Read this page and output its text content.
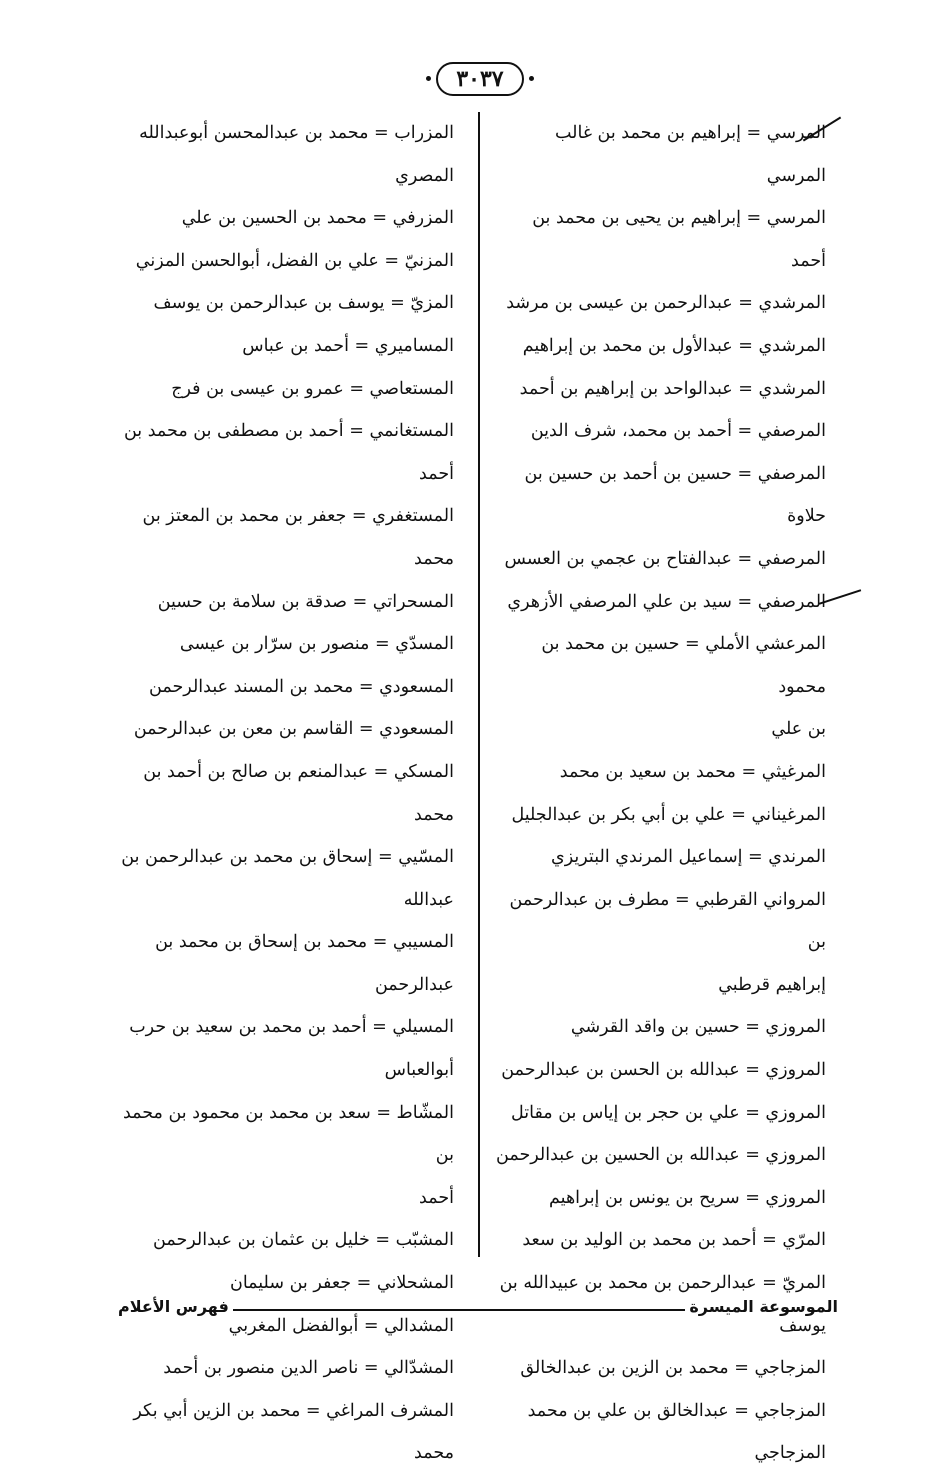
٣٠٣٧
المرسي = إبراهيم بن محمد بن غالب المرسي
المرسي = إبراهيم بن يحيى بن محمد بن أحمد
المرشدي = عبدالرحمن بن عيسى بن مرشد
المرشدي = عبدالأول بن محمد بن إبراهيم
المرشدي = عبدالواحد بن إبراهيم بن أحمد
المرصفي = أحمد بن محمد، شرف الدين
المرصفي = حسين بن أحمد بن حسين بن حلاوة
المرصفي = عبدالفتاح بن عجمي بن العسس
المرصفي = سيد بن علي المرصفي الأزهري
المرعشي الأملي = حسين بن محمد بن محمود
بن علي
المرغيثي = محمد بن سعيد بن محمد
المرغيناني = علي بن أبي بكر بن عبدالجليل
المرندي = إسماعيل المرندي البتريزي
المرواني القرطبي = مطرف بن عبدالرحمن بن
إبراهيم قرطبي
المروزي = حسين بن واقد القرشي
المروزي = عبدالله بن الحسن بن عبدالرحمن
المروزي = علي بن حجر بن إياس بن مقاتل
المروزي = عبدالله بن الحسين بن عبدالرحمن
المروزي = سريح بن يونس بن إبراهيم
المرّي = أحمد بن محمد بن الوليد بن سعد
المريّ = عبدالرحمن بن محمد بن عبيدالله بن
يوسف
المزجاجي = محمد بن الزين بن عبدالخالق
المزجاجي = عبدالخالق بن علي بن محمد
المزجاجي
المزراب = محمد بن عبدالمحسن أبوعبدالله
المصري
المزرفي = محمد بن الحسين بن علي
المزنيّ = علي بن الفضل، أبوالحسن المزني
المزيّ = يوسف بن عبدالرحمن بن يوسف
المساميري = أحمد بن عباس
المستعاصي = عمرو بن عيسى بن فرج
المستغانمي = أحمد بن مصطفى بن محمد بن أحمد
المستغفري = جعفر بن محمد بن المعتز بن محمد
المسحراتي = صدقة بن سلامة بن حسين
المسدّي = منصور بن سرّار بن عيسى
المسعودي = محمد بن المسند عبدالرحمن
المسعودي = القاسم بن معن بن عبدالرحمن
المسكي = عبدالمنعم بن صالح بن أحمد بن محمد
المسّيي = إسحاق بن محمد بن عبدالرحمن بن
عبدالله
المسيبي = محمد بن إسحاق بن محمد بن
عبدالرحمن
المسيلي = أحمد بن محمد بن سعيد بن حرب
أبوالعباس
المشّاط = سعد بن محمد بن محمود بن محمد بن
أحمد
المشبّب = خليل بن عثمان بن عبدالرحمن
المشحلاني = جعفر بن سليمان
المشدالي = أبوالفضل المغربي
المشدّالي = ناصر الدين منصور بن أحمد
المشرف المراغي = محمد بن الزين أبي بكر محمد
الموسوعة الميسرة
فهرس الأعلام
